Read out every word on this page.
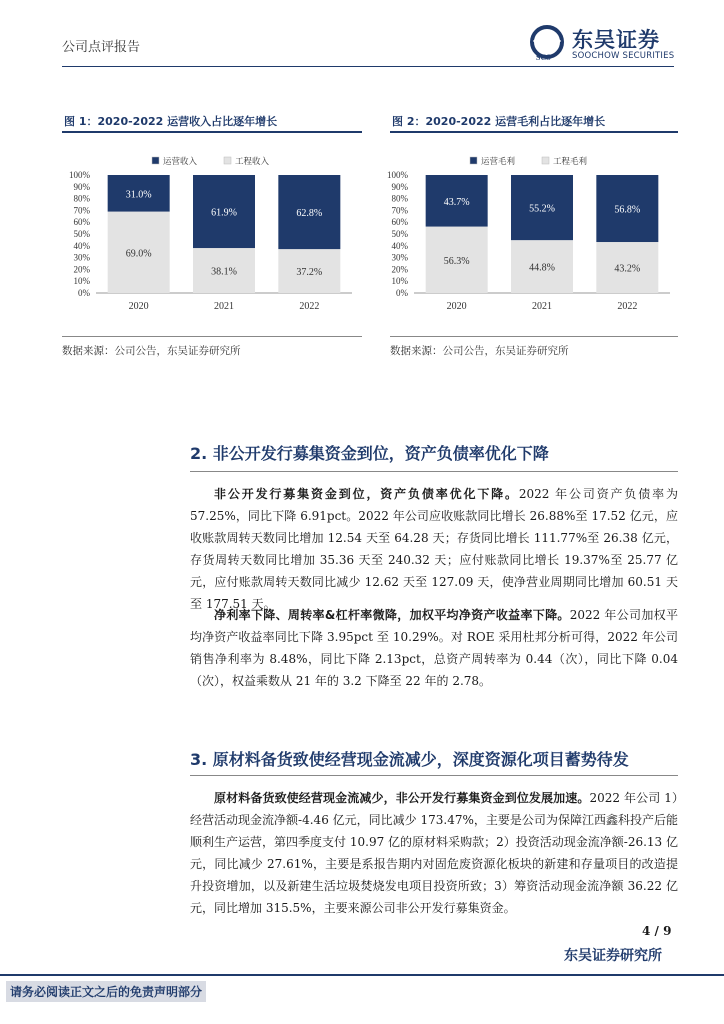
公司点评报告
SCS
东吴证券
SOOCHOW SECURITIES
图 1：2020-2022 运营收入占比逐年增长
0%
10%
20%
30%
40%
50%
60%
70%
80%
90%
100%
运营收入	工程收入
69.0%
31.0%
2020
38.1%
61.9%
2021
37.2%
62.8%
2022
数据来源：公司公告，东吴证券研究所
图 2：2020-2022 运营毛利占比逐年增长
0%
10%
20%
30%
40%
50%
60%
70%
80%
90%
100%
运营毛利	工程毛利
56.3%
43.7%
2020
44.8%
55.2%
2021
43.2%
56.8%
2022
数据来源：公司公告，东吴证券研究所
2. 非公开发行募集资金到位，资产负债率优化下降
非公开发行募集资金到位，资产负债率优化下降。2022 年公司资产负债率为 57.25%，同比下降 6.91pct。2022 年公司应收账款同比增长 26.88%至 17.52 亿元，应收账款周转天数同比增加 12.54 天至 64.28 天；存货同比增长 111.77%至 26.38 亿元，存货周转天数同比增加 35.36 天至 240.32 天；应付账款同比增长 19.37%至 25.77 亿元，应付账款周转天数同比减少 12.62 天至 127.09 天，使净营业周期同比增加 60.51 天至 177.51 天。
净利率下降、周转率&杠杆率微降，加权平均净资产收益率下降。2022 年公司加权平均净资产收益率同比下降 3.95pct 至 10.29%。对 ROE 采用杜邦分析可得，2022 年公司销售净利率为 8.48%，同比下降 2.13pct，总资产周转率为 0.44（次），同比下降 0.04（次），权益乘数从 21 年的 3.2 下降至 22 年的 2.78。
3. 原材料备货致使经营现金流减少，深度资源化项目蓄势待发
原材料备货致使经营现金流减少，非公开发行募集资金到位发展加速。2022 年公司 1）经营活动现金流净额-4.46 亿元，同比减少 173.47%，主要是公司为保障江西鑫科投产后能顺利生产运营，第四季度支付 10.97 亿的原材料采购款；2）投资活动现金流净额-26.13 亿元，同比减少 27.61%，主要是系报告期内对固危废资源化板块的新建和存量项目的改造提升投资增加，以及新建生活垃圾焚烧发电项目投资所致；3）筹资活动现金流净额 36.22 亿元，同比增加 315.5%，主要来源公司非公开发行募集资金。
4 / 9
东吴证券研究所
请务必阅读正文之后的免责声明部分
